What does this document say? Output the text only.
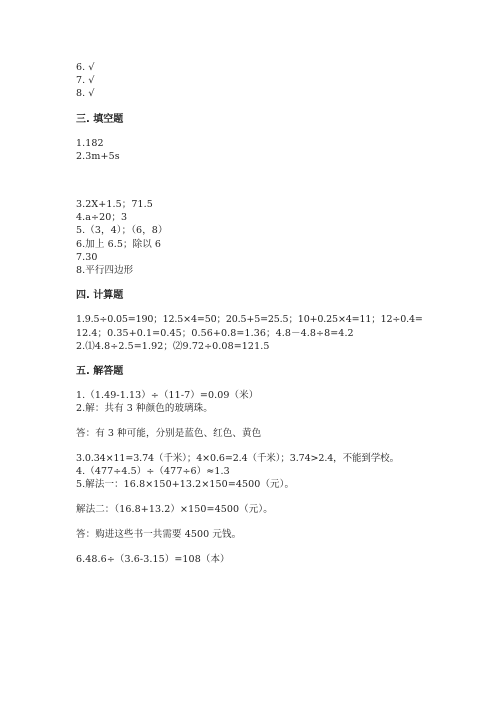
6. √
7. √
8. √
三. 填空题
1.182
2.3m+5s
3.2X+1.5；71.5
4.a÷20；3
5.（3，4）；（6，8）
6.加上 6.5；除以 6
7.30
8.平行四边形
四. 计算题
1.9.5÷0.05=190；12.5×4=50；20.5+5=25.5；10+0.25×4=11；12÷0.4=
12.4；0.35+0.1=0.45；0.56+0.8=1.36；4.8－4.8÷8=4.2
2.⑴4.8÷2.5=1.92；⑵9.72÷0.08=121.5
五. 解答题
1.（1.49-1.13）÷（11-7）=0.09（米）
2.解：共有 3 种颜色的玻璃珠。
答：有 3 种可能，分别是蓝色、红色、黄色
3.0.34×11=3.74（千米）；4×0.6=2.4（千米）；3.74>2.4，不能到学校。
4.（477÷4.5）÷（477÷6）≈1.3
5.解法一：16.8×150+13.2×150=4500（元）。
解法二：（16.8+13.2）×150=4500（元）。
答：购进这些书一共需要 4500 元钱。
6.48.6÷（3.6-3.15）=108（本）
